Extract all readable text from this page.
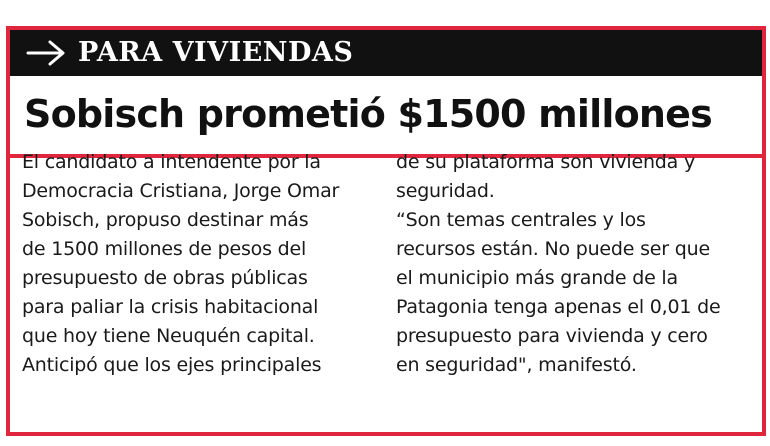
PARA VIVIENDAS
Sobisch prometió $1500 millones
El candidato a intendente por la
Democracia Cristiana, Jorge Omar
Sobisch, propuso destinar más
de 1500 millones de pesos del
presupuesto de obras públicas
para paliar la crisis habitacional
que hoy tiene Neuquén capital.
Anticipó que los ejes principales
de su plataforma son vivienda y
seguridad.
“Son temas centrales y los
recursos están. No puede ser que
el municipio más grande de la
Patagonia tenga apenas el 0,01 de
presupuesto para vivienda y cero
en seguridad", manifestó.
